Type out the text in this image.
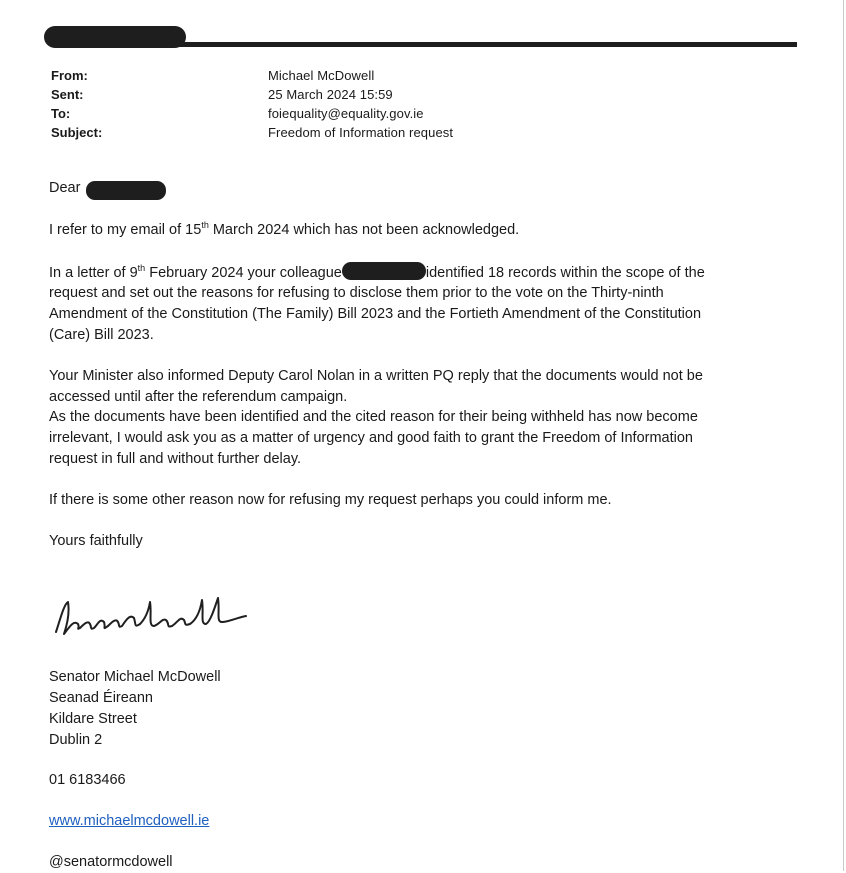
From:	Michael McDowell
Sent:	25 March 2024 15:59
To:	foiequality@equality.gov.ie
Subject:	Freedom of Information request
Dear
I refer to my email of 15th March 2024 which has not been acknowledged.
In a letter of 9th February 2024 your colleague	identified 18 records within the scope of the
request and set out the reasons for refusing to disclose them prior to the vote on the Thirty-ninth
Amendment of the Constitution (The Family) Bill 2023 and the Fortieth Amendment of the Constitution
(Care) Bill 2023.
Your Minister also informed Deputy Carol Nolan in a written PQ reply that the documents would not be
accessed until after the referendum campaign.
As the documents have been identified and the cited reason for their being withheld has now become
irrelevant, I would ask you as a matter of urgency and good faith to grant the Freedom of Information
request in full and without further delay.
If there is some other reason now for refusing my request perhaps you could inform me.
Yours faithfully
Senator Michael McDowell
Seanad Éireann
Kildare Street
Dublin 2
01 6183466
www.michaelmcdowell.ie
@senatormcdowell
